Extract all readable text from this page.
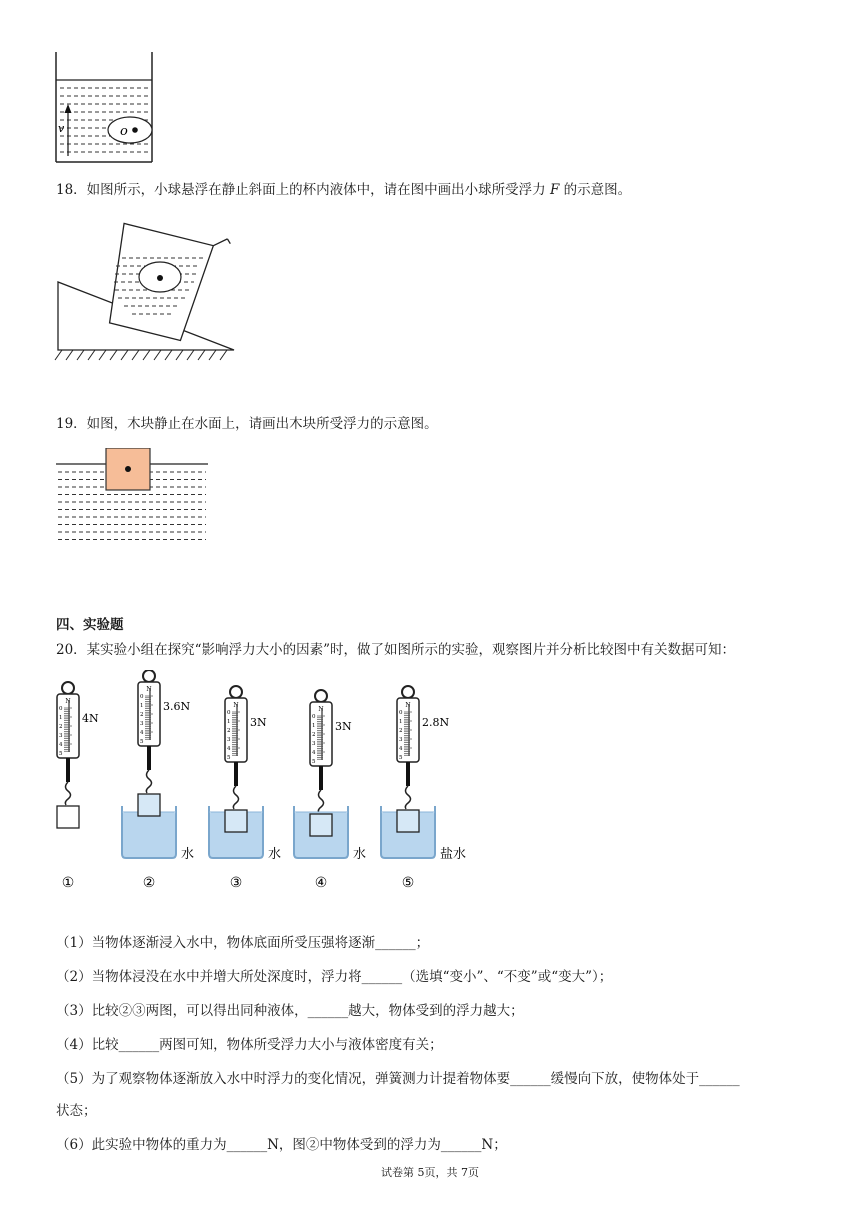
o
v
18．如图所示，小球悬浮在静止斜面上的杯内液体中，请在图中画出小球所受浮力 F 的示意图。
19．如图，木块静止在水面上，请画出木块所受浮力的示意图。
四、实验题
20．某实验小组在探究“影响浮力大小的因素”时，做了如图所示的实验，观察图片并分析比较图中有关数据可知：
N
0
1
2
3
4
5
4N
①
N
0
1
2
3
4
5
3.6N
水
②
N
0
1
2
3
4
5
3N
水
③
N
0
1
2
3
4
5
3N
水
④
N
0
1
2
3
4
5
2.8N
盐水
⑤
（1）当物体逐渐浸入水中，物体底面所受压强将逐渐______；
（2）当物体浸没在水中并增大所处深度时，浮力将______（选填“变小”、“不变”或“变大”）；
（3）比较②③两图，可以得出同种液体，______越大，物体受到的浮力越大；
（4）比较______两图可知，物体所受浮力大小与液体密度有关；
（5）为了观察物体逐渐放入水中时浮力的变化情况，弹簧测力计提着物体要______缓慢向下放，使物体处于______
状态；
（6）此实验中物体的重力为______N，图②中物体受到的浮力为______N；
试卷第 5页，共 7页
